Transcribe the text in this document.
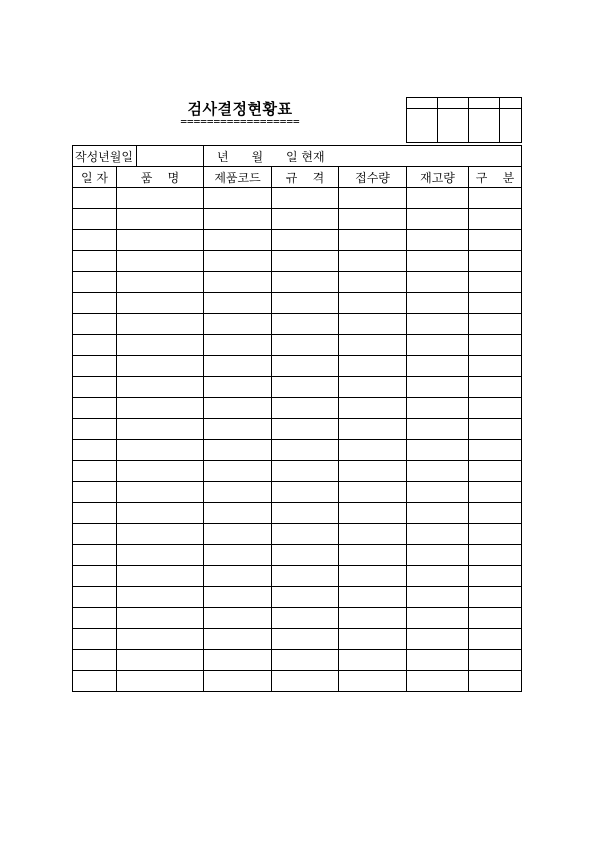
검사결정현황표
==================

작성년월일		년      월      일 현재				

일 자	품    명	제품코드	규    격	접수량	재고량	구    분
